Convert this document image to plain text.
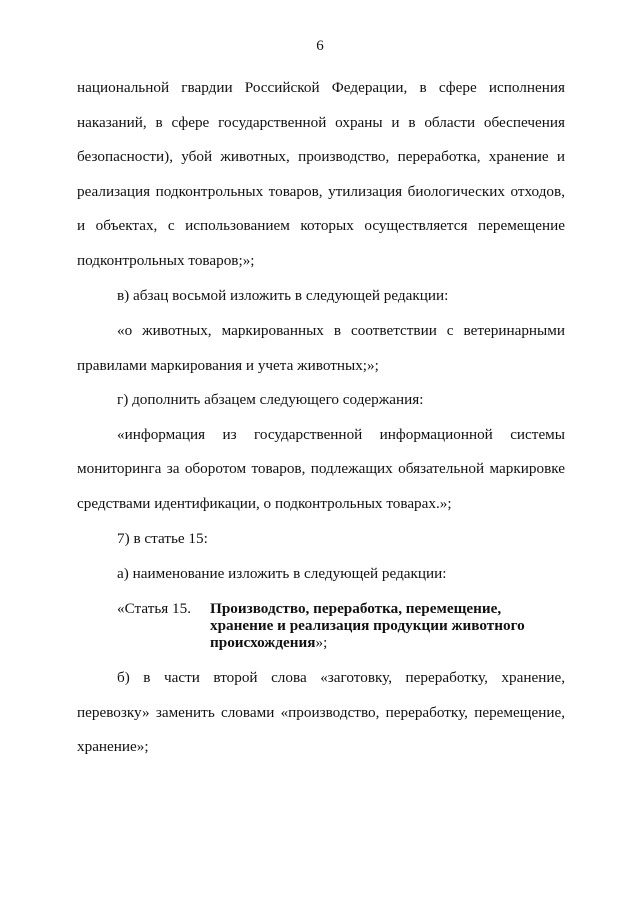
6
национальной гвардии Российской Федерации, в сфере исполнения
наказаний, в сфере государственной охраны и в области обеспечения
безопасности), убой животных, производство, переработка, хранение и
реализация подконтрольных товаров, утилизация биологических отходов,
и объектах, с использованием которых осуществляется перемещение
подконтрольных товаров;»;
в) абзац восьмой изложить в следующей редакции:
«о животных, маркированных в соответствии с ветеринарными
правилами маркирования и учета животных;»;
г) дополнить абзацем следующего содержания:
«информация из государственной информационной системы
мониторинга за оборотом товаров, подлежащих обязательной маркировке
средствами идентификации, о подконтрольных товарах.»;
7) в статье 15:
а) наименование изложить в следующей редакции:
«Статья 15. Производство, переработка, перемещение, хранение и реализация продукции животного происхождения»;
б) в части второй слова «заготовку, переработку, хранение,
перевозку» заменить словами «производство, переработку, перемещение,
хранение»;
